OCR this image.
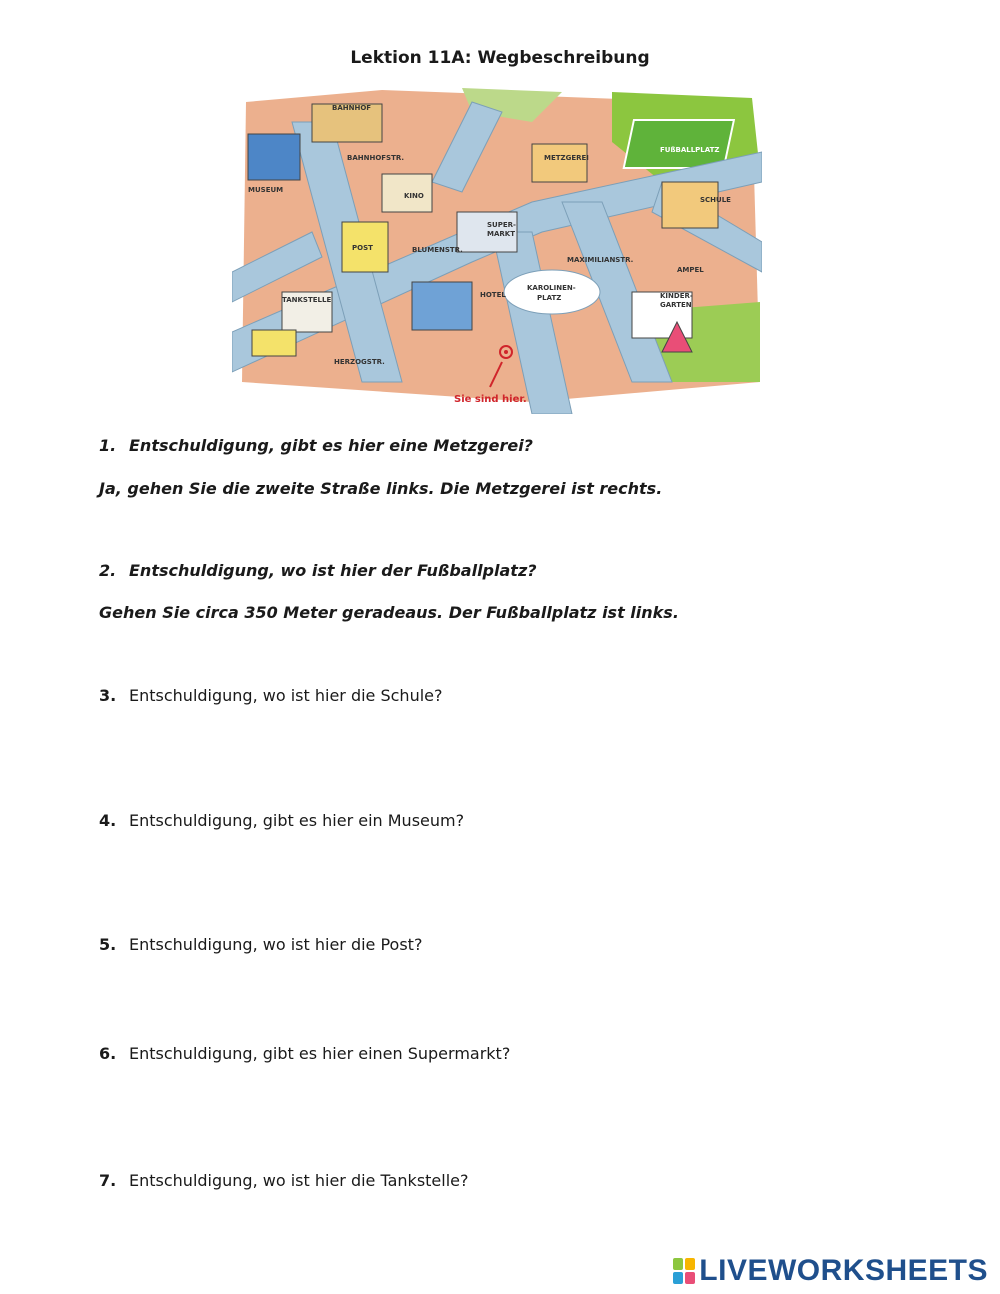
Lektion 11A: Wegbeschreibung
BAHNHOF
MUSEUM
BAHNHOFSTR.
KINO
METZGEREI
FUßBALLPLATZ
SUPER-
MARKT
SCHULE
MAXIMILIANSTR.
POST	BLUMENSTR.
TANKSTELLE
AMPEL
KAROLINEN-
PLATZ
HOTEL	KINDER-
GARTEN
HERZOGSTR.
Sie sind hier.
1. Entschuldigung, gibt es hier eine Metzgerei?
Ja, gehen Sie die zweite Straße links. Die Metzgerei ist rechts.
2. Entschuldigung, wo ist hier der Fußballplatz?
Gehen Sie circa 350 Meter geradeaus. Der Fußballplatz ist links.
3. Entschuldigung, wo ist hier die Schule?
4. Entschuldigung, gibt es hier ein Museum?
5. Entschuldigung, wo ist hier die Post?
6. Entschuldigung, gibt es hier einen Supermarkt?
7. Entschuldigung, wo ist hier die Tankstelle?
LIVEWORKSHEETS
